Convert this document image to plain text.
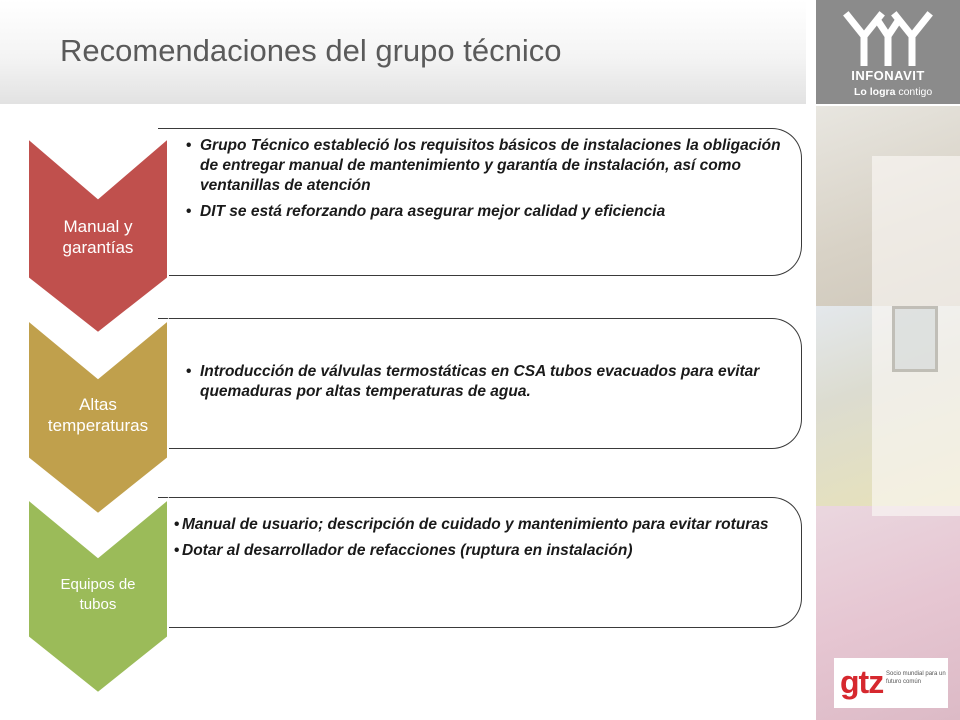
Recomendaciones del grupo técnico
INFONAVIT
Lo logra contigo
gtz Socio mundial para un futuro común
Manual y
garantías
• Grupo Técnico estableció los requisitos básicos de instalaciones la obligación de entregar manual de mantenimiento y garantía de instalación, así como ventanillas de atención
• DIT se está reforzando para asegurar mejor calidad y eficiencia
Altas
temperaturas
• Introducción de válvulas termostáticas en CSA tubos evacuados para evitar quemaduras por altas temperaturas de agua.
Equipos de
tubos
• Manual de usuario; descripción de cuidado y mantenimiento para evitar roturas
• Dotar al desarrollador de refacciones (ruptura en instalación)
